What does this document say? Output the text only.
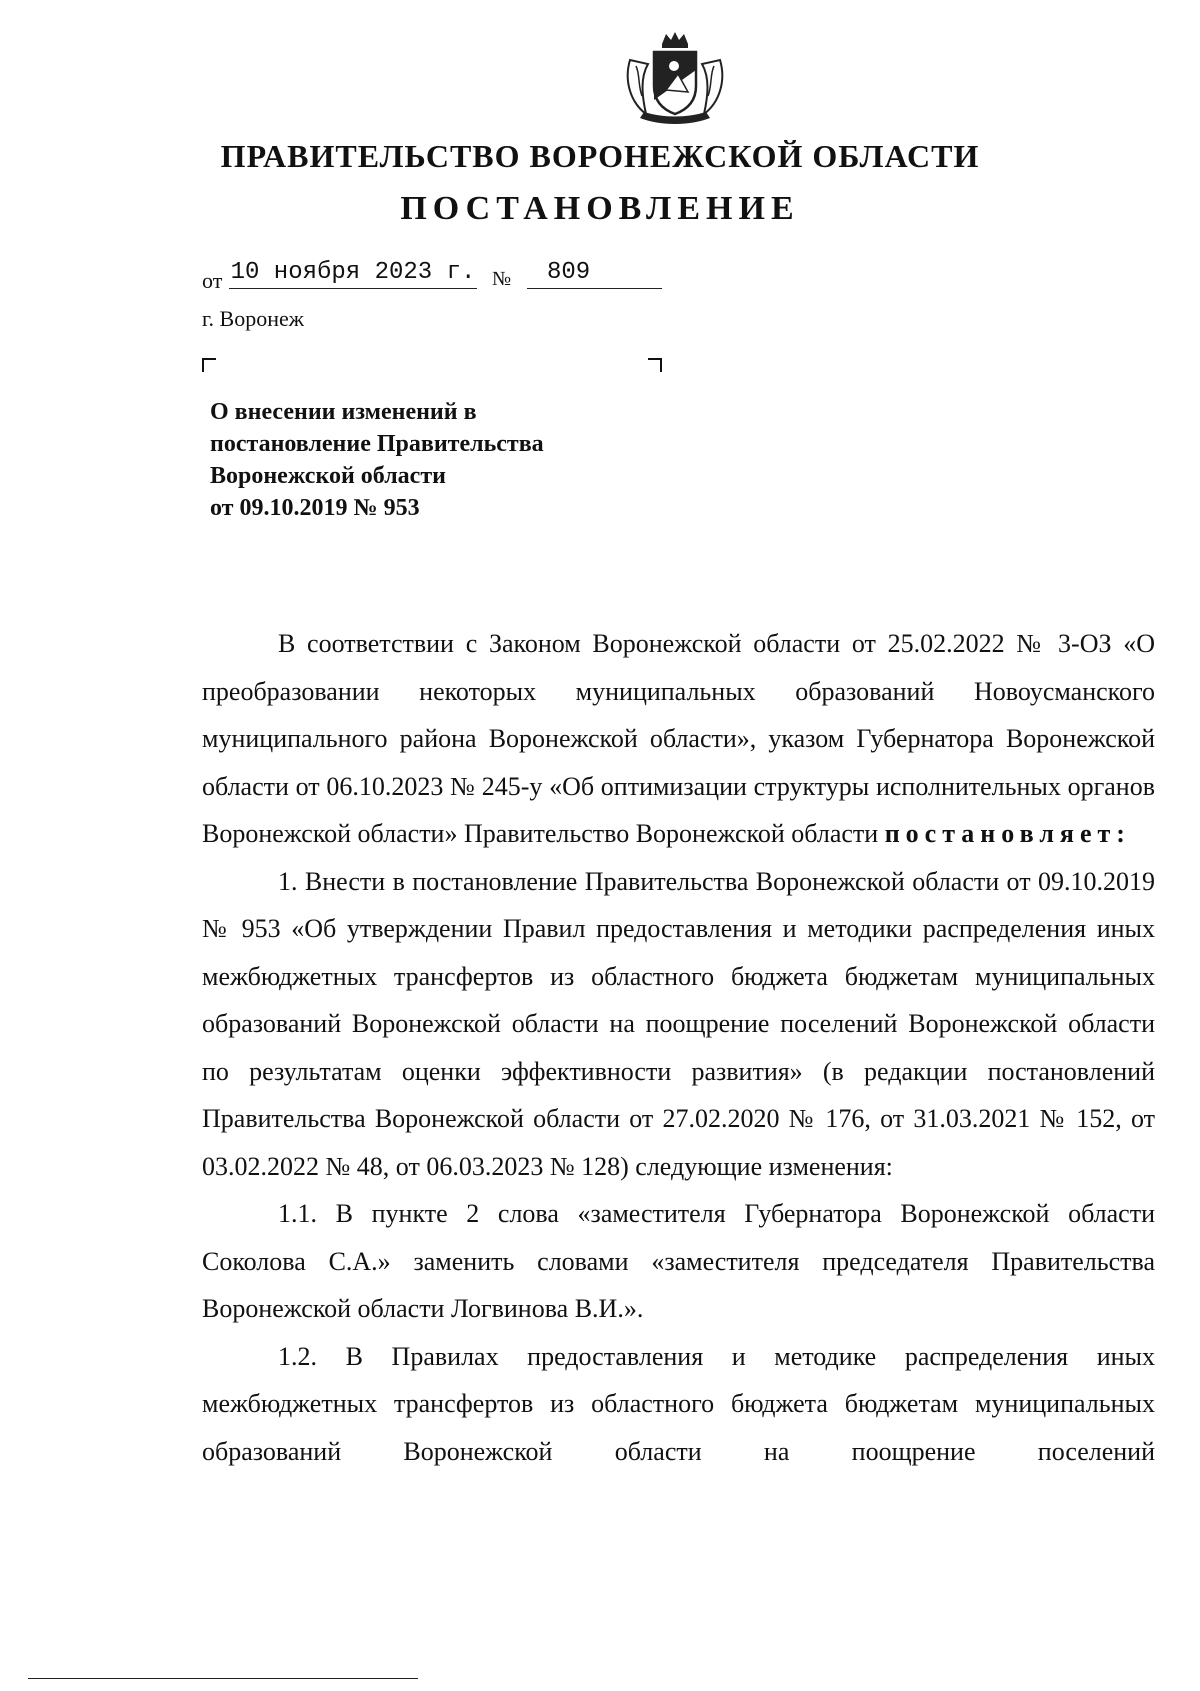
ПРАВИТЕЛЬСТВО ВОРОНЕЖСКОЙ ОБЛАСТИ
ПОСТАНОВЛЕНИЕ
от 10 ноября 2023 г. №	809
г. Воронеж
О внесении изменений в
постановление Правительства
Воронежской области
от 09.10.2019 № 953

В соответствии с Законом Воронежской области от 25.02.2022 № 3-ОЗ «О преобразовании некоторых муниципальных образований Новоусманского муниципального района Воронежской области», указом Губернатора Воронежской области от 06.10.2023 № 245-у «Об оптимизации структуры исполнительных органов Воронежской области» Правительство Воронежской области постановляет:

1. Внести в постановление Правительства Воронежской области от 09.10.2019 № 953 «Об утверждении Правил предоставления и методики распределения иных межбюджетных трансфертов из областного бюджета бюджетам муниципальных образований Воронежской области на поощрение поселений Воронежской области по результатам оценки эффективности развития» (в редакции постановлений Правительства Воронежской области от 27.02.2020 № 176, от 31.03.2021 № 152, от 03.02.2022 № 48, от 06.03.2023 № 128) следующие изменения:

1.1. В пункте 2 слова «заместителя Губернатора Воронежской области Соколова С.А.» заменить словами «заместителя председателя Правительства Воронежской области Логвинова В.И.».

1.2. В Правилах предоставления и методике распределения иных межбюджетных трансфертов из областного бюджета бюджетам муниципальных образований Воронежской области на поощрение поселений
